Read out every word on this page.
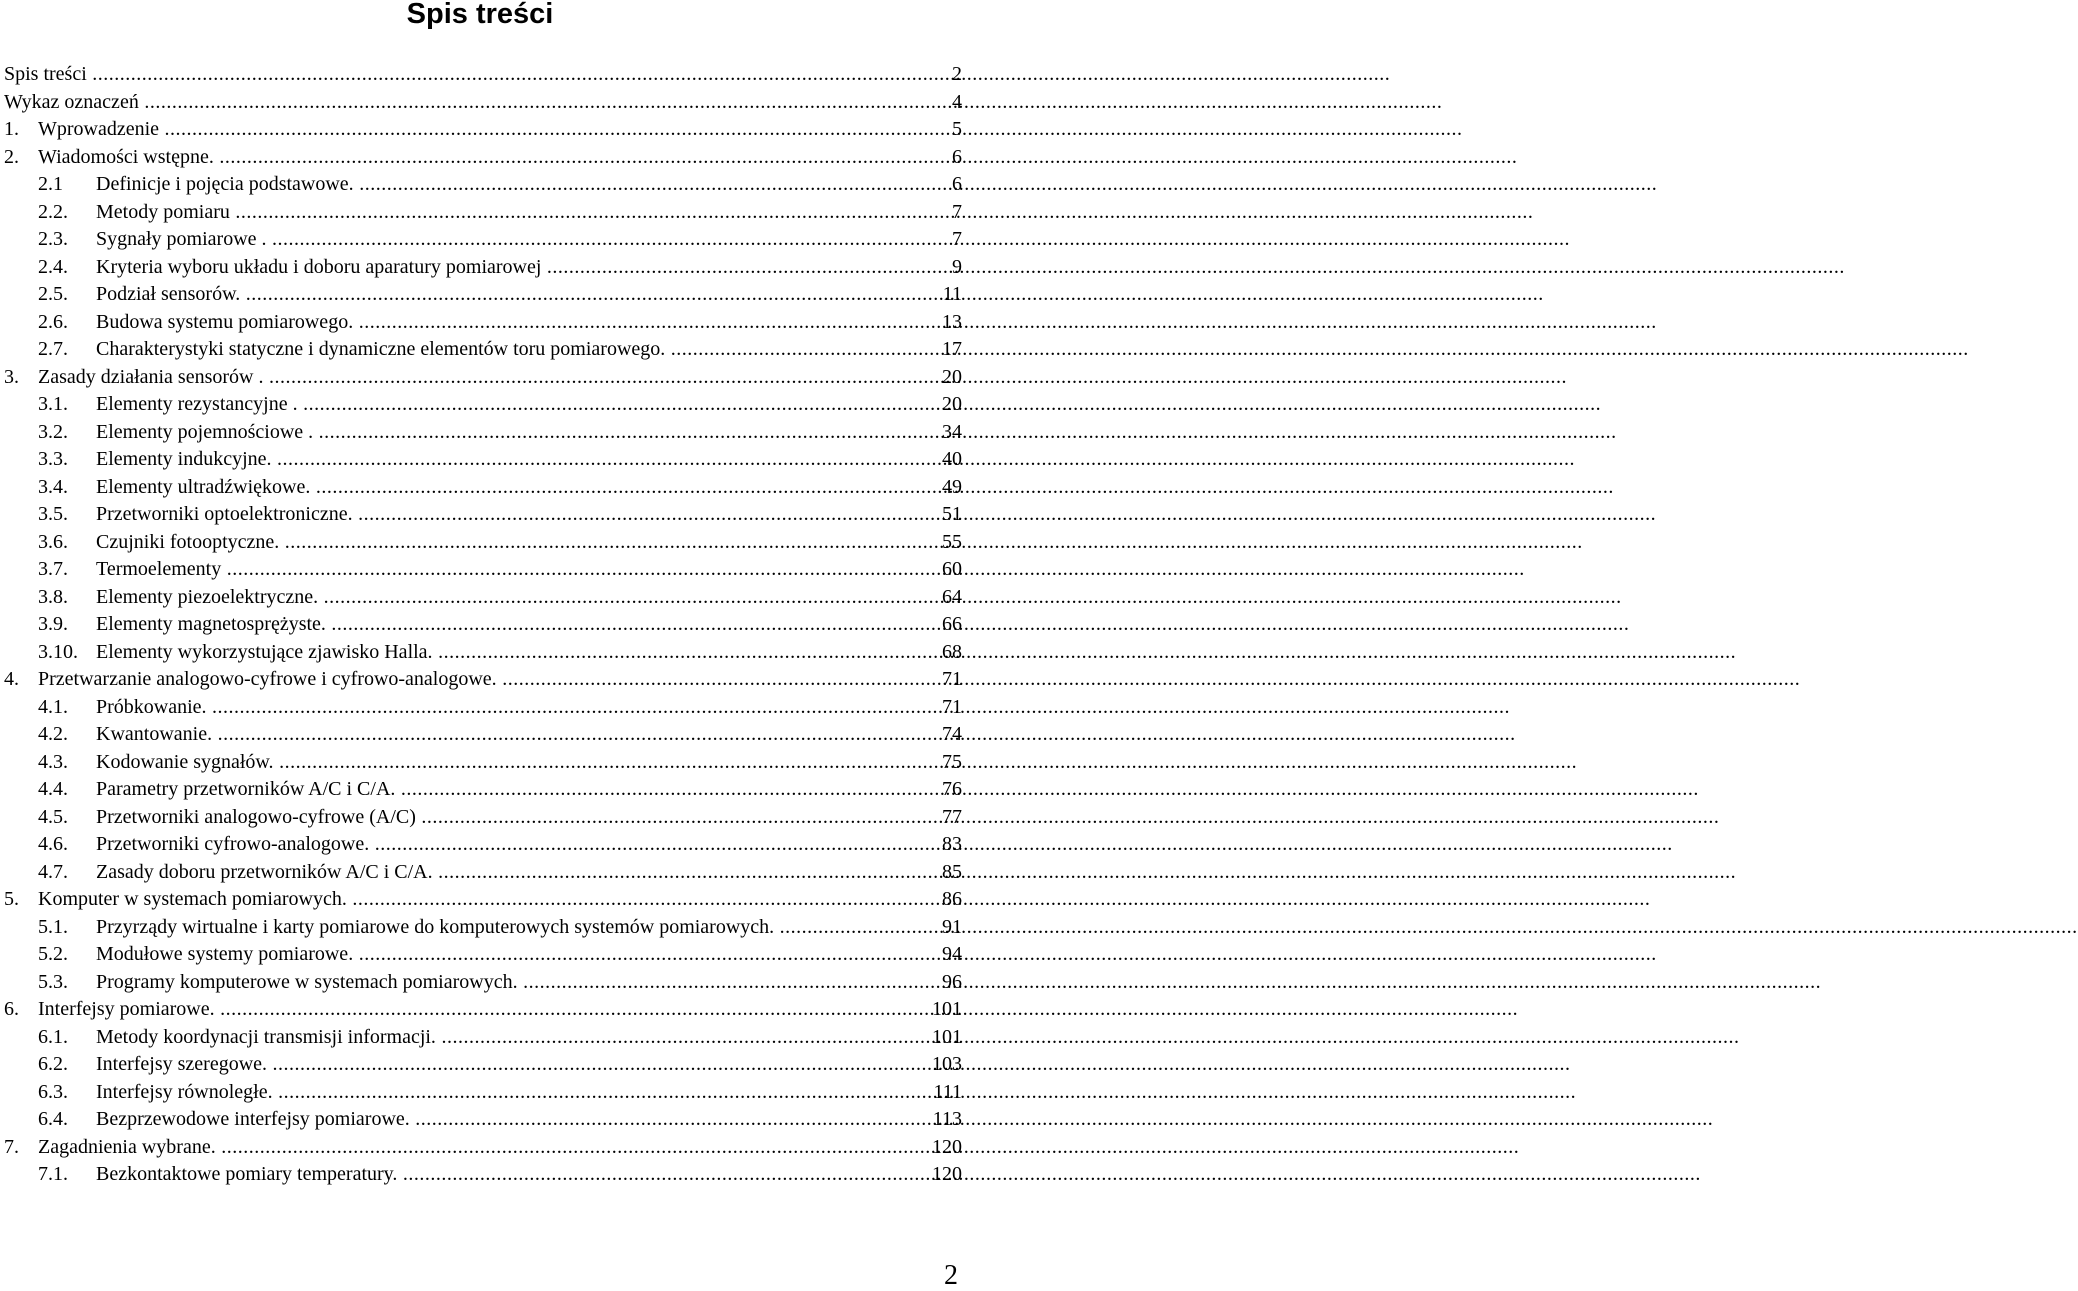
Spis treści
Spis treści .....	2
Wykaz oznaczeń .....	4
1. Wprowadzenie .....	5
2. Wiadomości wstępne. .....	6
2.1 Definicje i pojęcia podstawowe. .....	6
2.2. Metody pomiaru .....	7
2.3. Sygnały pomiarowe . .....	7
2.4. Kryteria wyboru układu i doboru aparatury pomiarowej .....	9
2.5. Podział sensorów. .....	11
2.6. Budowa systemu pomiarowego. .....	13
2.7. Charakterystyki statyczne i dynamiczne elementów toru pomiarowego. .....	17
3. Zasady działania sensorów . .....	20
3.1. Elementy rezystancyjne . .....	20
3.2. Elementy pojemnościowe . .....	34
3.3. Elementy indukcyjne. .....	40
3.4. Elementy ultradźwiękowe. .....	49
3.5. Przetworniki optoelektroniczne. .....	51
3.6. Czujniki fotooptyczne. .....	55
3.7. Termoelementy .....	60
3.8. Elementy piezoelektryczne. .....	64
3.9. Elementy magnetosprężyste. .....	66
3.10. Elementy wykorzystujące zjawisko Halla. .....	68
4. Przetwarzanie analogowo-cyfrowe i cyfrowo-analogowe. .....	71
4.1. Próbkowanie. .....	71
4.2. Kwantowanie. .....	74
4.3. Kodowanie sygnałów. .....	75
4.4. Parametry przetworników A/C i C/A. .....	76
4.5. Przetworniki analogowo-cyfrowe (A/C) .....	77
4.6. Przetworniki cyfrowo-analogowe. .....	83
4.7. Zasady doboru przetworników A/C i C/A. .....	85
5. Komputer w systemach pomiarowych. .....	86
5.1. Przyrządy wirtualne i karty pomiarowe do komputerowych systemów pomiarowych. .....	91
5.2. Modułowe systemy pomiarowe. .....	94
5.3. Programy komputerowe w systemach pomiarowych. .....	96
6. Interfejsy pomiarowe. .....	101
6.1. Metody koordynacji transmisji informacji. .....	101
6.2. Interfejsy szeregowe. .....	103
6.3. Interfejsy równoległe. .....	111
6.4. Bezprzewodowe interfejsy pomiarowe. .....	113
7. Zagadnienia wybrane. .....	120
7.1. Bezkontaktowe pomiary temperatury. .....	120
2
